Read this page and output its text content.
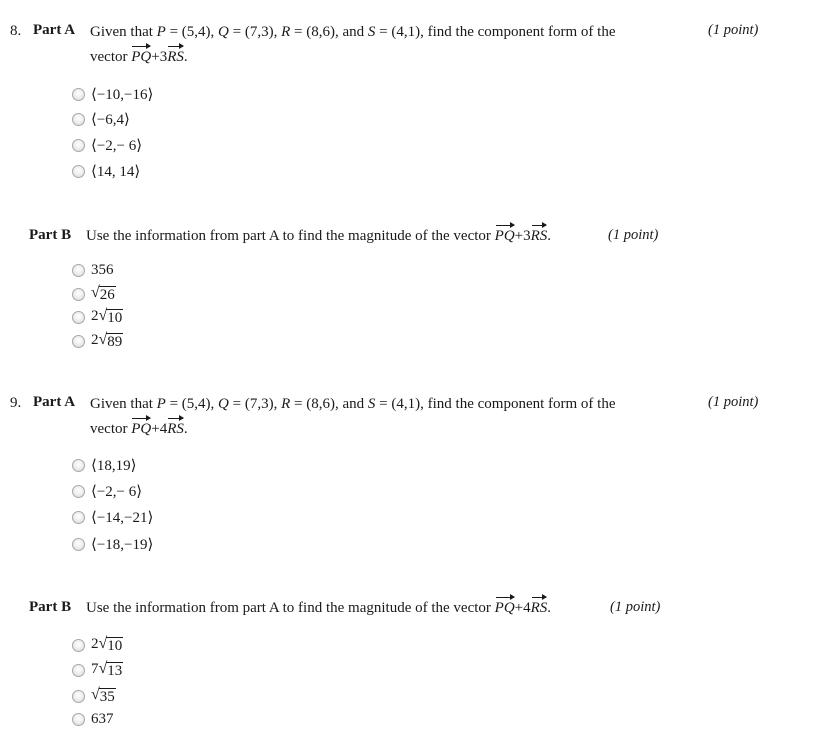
8. Part A Given that P = (5,4), Q = (7,3), R = (8,6), and S = (4,1), find the component form of the
vector PQ+3RS.
(1 point)
⟨−10,−16⟩
⟨−6,4⟩
⟨−2,− 6⟩
⟨14, 14⟩
Part B Use the information from part A to find the magnitude of the vector PQ+3RS.	(1 point)
356
√ 26
2 √ 10
2 √ 89
9. Part A Given that P = (5,4), Q = (7,3), R = (8,6), and S = (4,1), find the component form of the
vector PQ+4RS.
(1 point)
⟨18,19⟩
⟨−2,− 6⟩
⟨−14,−21⟩
⟨−18,−19⟩
Part B Use the information from part A to find the magnitude of the vector PQ+4RS.	(1 point)
2 √ 10
7 √ 13
√ 35
637
